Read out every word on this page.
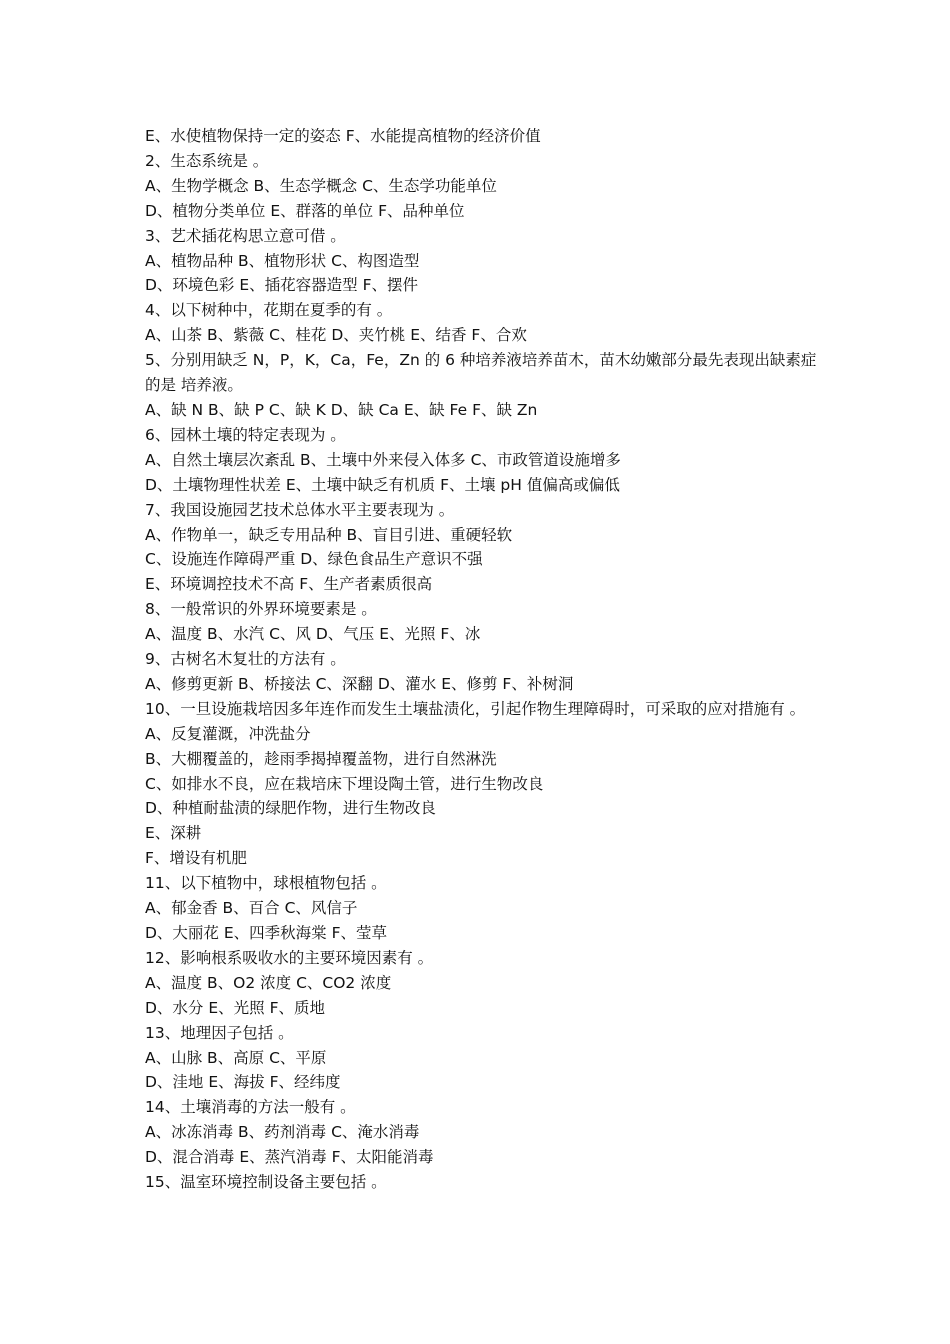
E、水使植物保持一定的姿态 F、水能提高植物的经济价值

2、生态系统是 。

A、生物学概念 B、生态学概念 C、生态学功能单位

D、植物分类单位 E、群落的单位 F、品种单位

3、艺术插花构思立意可借 。

A、植物品种 B、植物形状 C、构图造型

D、环境色彩 E、插花容器造型 F、摆件

4、以下树种中，花期在夏季的有 。

A、山茶 B、紫薇 C、桂花 D、夹竹桃 E、结香 F、合欢

5、分别用缺乏 N，P，K，Ca，Fe，Zn 的 6 种培养液培养苗木，苗木幼嫩部分最先表现出缺素症的是 培养液。

A、缺 N B、缺 P C、缺 K D、缺 Ca E、缺 Fe F、缺 Zn

6、园林土壤的特定表现为 。

A、自然土壤层次紊乱 B、土壤中外来侵入体多 C、市政管道设施增多

D、土壤物理性状差 E、土壤中缺乏有机质 F、土壤 pH 值偏高或偏低

7、我国设施园艺技术总体水平主要表现为 。

A、作物单一，缺乏专用品种 B、盲目引进、重硬轻软

C、设施连作障碍严重 D、绿色食品生产意识不强

E、环境调控技术不高 F、生产者素质很高

8、一般常识的外界环境要素是 。

A、温度 B、水汽 C、风 D、气压 E、光照 F、冰

9、古树名木复壮的方法有 。

A、修剪更新 B、桥接法 C、深翻 D、灌水 E、修剪 F、补树洞

10、一旦设施栽培因多年连作而发生土壤盐渍化，引起作物生理障碍时，可采取的应对措施有 。

A、反复灌溉，冲洗盐分

B、大棚覆盖的，趁雨季揭掉覆盖物，进行自然淋洗

C、如排水不良，应在栽培床下埋设陶土管，进行生物改良

D、种植耐盐渍的绿肥作物，进行生物改良

E、深耕

F、增设有机肥

11、以下植物中，球根植物包括 。

A、郁金香 B、百合 C、风信子

D、大丽花 E、四季秋海棠 F、莹草

12、影响根系吸收水的主要环境因素有 。

A、温度 B、O2 浓度 C、CO2 浓度

D、水分 E、光照 F、质地

13、地理因子包括 。

A、山脉 B、高原 C、平原

D、洼地 E、海拔 F、经纬度

14、土壤消毒的方法一般有 。

A、冰冻消毒 B、药剂消毒 C、淹水消毒

D、混合消毒 E、蒸汽消毒 F、太阳能消毒

15、温室环境控制设备主要包括 。
